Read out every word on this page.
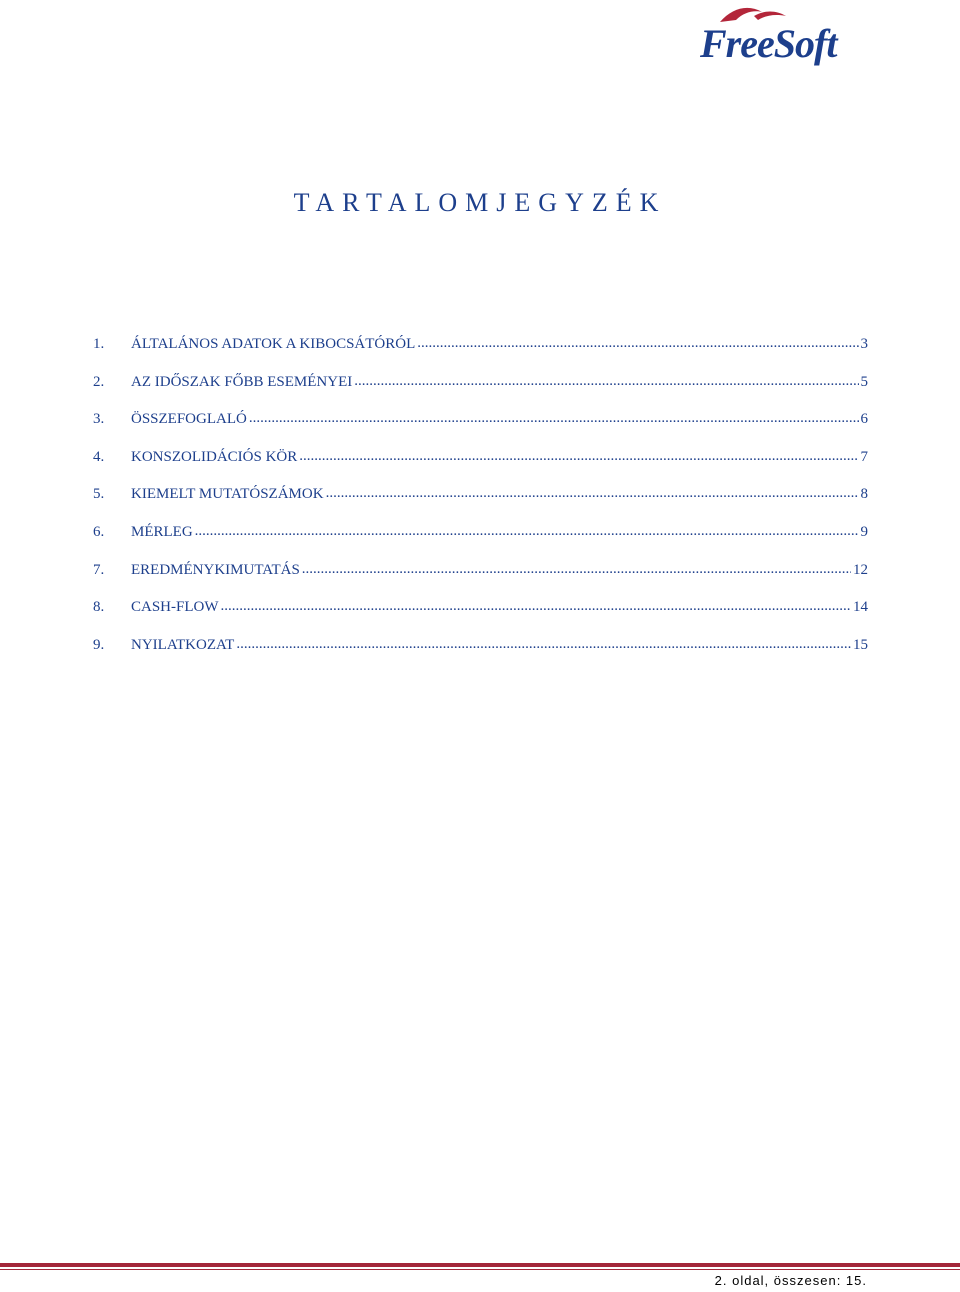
FreeSoft
TARTALOMJEGYZÉK
1.	ÁLTALÁNOS ADATOK A KIBOCSÁTÓRÓL .....	3
2.	AZ IDŐSZAK FŐBB ESEMÉNYEI .....	5
3.	ÖSSZEFOGLALÓ .....	6
4.	KONSZOLIDÁCIÓS KÖR .....	7
5.	KIEMELT MUTATÓSZÁMOK .....	8
6.	MÉRLEG .....	9
7.	EREDMÉNYKIMUTATÁS .....	12
8.	CASH-FLOW .....	14
9.	NYILATKOZAT .....	15
2. oldal, összesen: 15.
